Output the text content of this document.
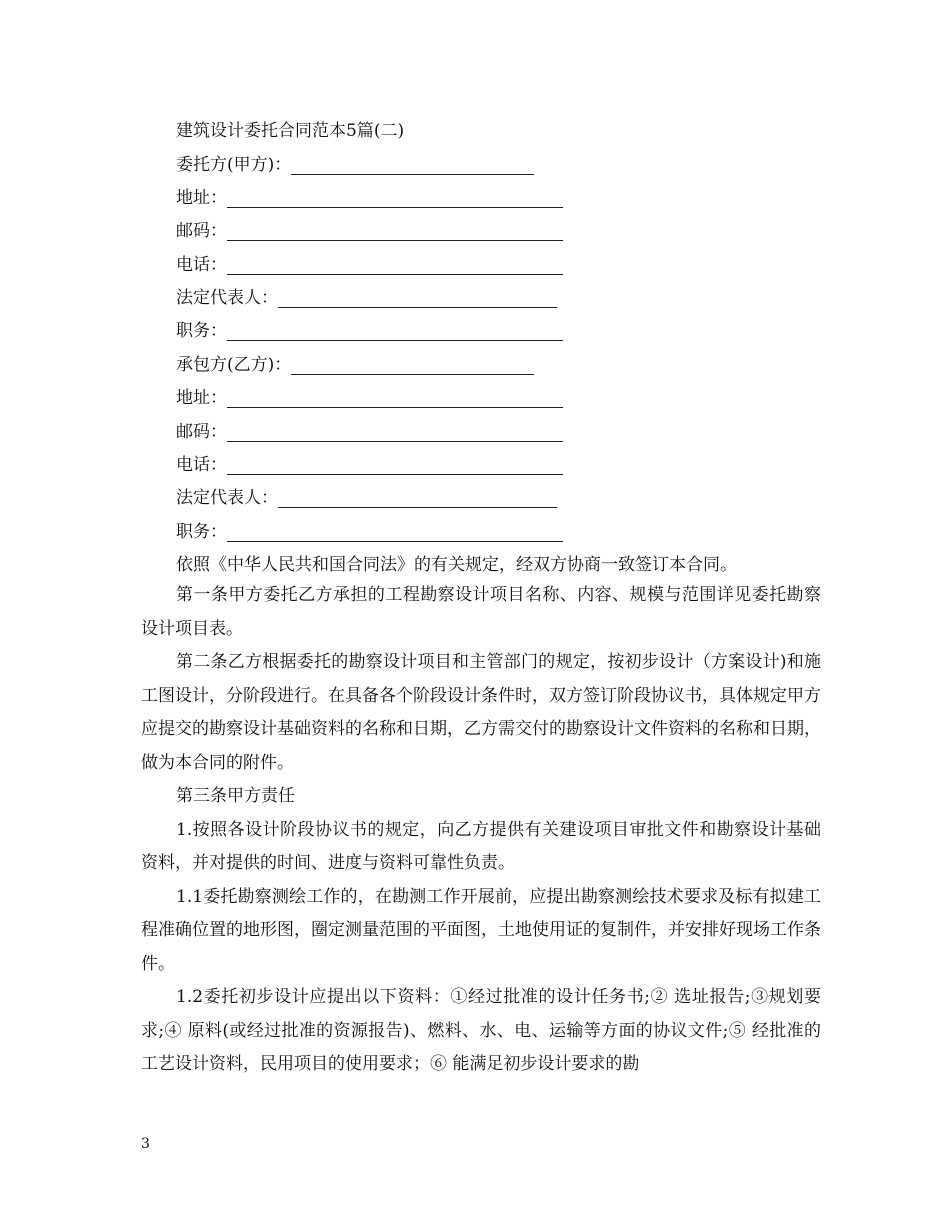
建筑设计委托合同范本5篇(二)
委托方(甲方)：
地址：
邮码：
电话：
法定代表人：
职务：
承包方(乙方)：
地址：
邮码：
电话：
法定代表人：
职务：
依照《中华人民共和国合同法》的有关规定，经双方协商一致签订本合同。

第一条甲方委托乙方承担的工程勘察设计项目名称、内容、规模与范围详见委托勘察设计项目表。

第二条乙方根据委托的勘察设计项目和主管部门的规定，按初步设计（方案设计)和施工图设计，分阶段进行。在具备各个阶段设计条件时，双方签订阶段协议书，具体规定甲方应提交的勘察设计基础资料的名称和日期，乙方需交付的勘察设计文件资料的名称和日期，做为本合同的附件。

第三条甲方责任

1.按照各设计阶段协议书的规定，向乙方提供有关建设项目审批文件和勘察设计基础资料，并对提供的时间、进度与资料可靠性负责。

1.1委托勘察测绘工作的，在勘测工作开展前，应提出勘察测绘技术要求及标有拟建工程准确位置的地形图，圈定测量范围的平面图，土地使用证的复制件，并安排好现场工作条件。

1.2委托初步设计应提出以下资料：①经过批准的设计任务书;② 选址报告;③规划要求;④ 原料(或经过批准的资源报告)、燃料、水、电、运输等方面的协议文件;⑤ 经批准的工艺设计资料，民用项目的使用要求；⑥ 能满足初步设计要求的勘

3
